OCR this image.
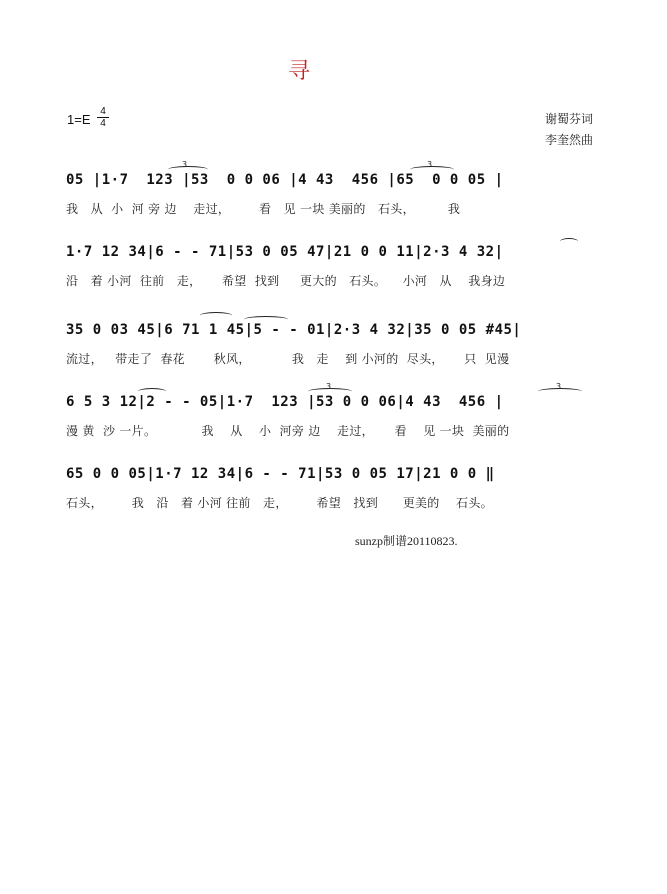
寻
1=E
4
4	谢蜀芬词
李奎然曲
3	3
05 |1·7  123 |53  0 0 06 |4 43  456 |65  0 0 05 |
我   从  小  河 旁 边    走过，       看   见 一块 美丽的   石头，        我
1·7 12 34|6 - - 71|53 0 05 47|21 0 0 11|2·3 4 32|
沿   着 小河  往前   走，     希望  找到     更大的   石头。    小河   从    我身边
35 0 03 45|6 71 1 45|5 - - 01|2·3 4 32|35 0 05 #45|
流过，   带走了  春花       秋风，          我   走    到 小河的  尽头，     只  见漫
3	3
6 5 3 12|2 - - 05|1·7  123 |53 0 0 06|4 43  456 |
漫 黄  沙 一片。           我    从    小  河旁 边    走过，     看    见 一块  美丽的
65 0 0 05|1·7 12 34|6 - - 71|53 0 05 17|21 0 0 ‖
石头，       我   沿   着 小河 往前   走，       希望   找到      更美的    石头。
sunzp制谱20110823.
